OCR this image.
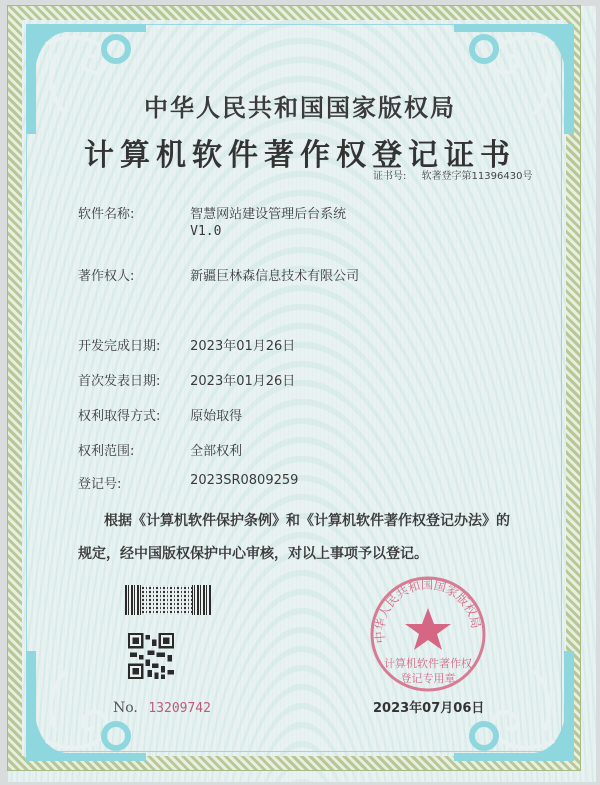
中华人民共和国国家版权局
计算机软件著作权登记证书
证书号: 软著登字第11396430号
软件名称:	智慧网站建设管理后台系统
V1.0
著作权人:	新疆巨林森信息技术有限公司
开发完成日期: 2023年01月26日
首次发表日期: 2023年01月26日
权利取得方式: 原始取得
权利范围:	全部权利
登记号:	2023SR0809259
根据《计算机软件保护条例》和《计算机软件著作权登记办法》的
规定，经中国版权保护中心审核，对以上事项予以登记。
No. 13209742
中华人民共和国国家版权局
计算机软件著作权
登记专用章
2023年07月06日
